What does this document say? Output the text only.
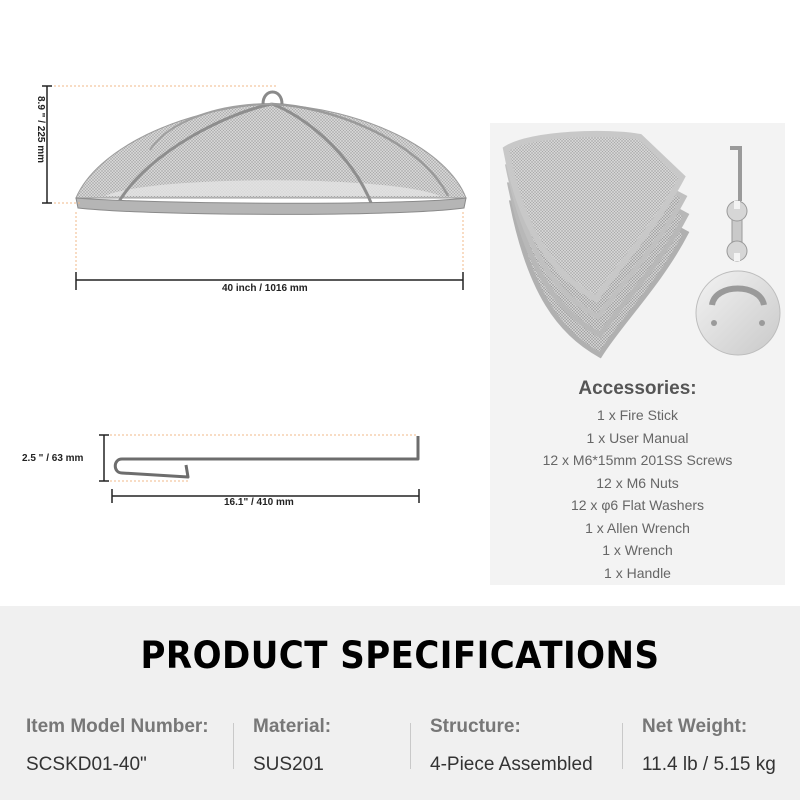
8.9 " / 225 mm
40 inch / 1016 mm
2.5 " / 63 mm
16.1" / 410 mm
Accessories:
1 x Fire Stick
1 x User Manual
12 x M6*15mm 201SS Screws
12 x M6 Nuts
12 x φ6 Flat Washers
1 x Allen Wrench
1 x Wrench
1 x Handle
PRODUCT SPECIFICATIONS
Item Model Number:
SCSKD01-40"
Material:
SUS201
Structure:
4-Piece Assembled
Net Weight:
11.4 lb / 5.15 kg
